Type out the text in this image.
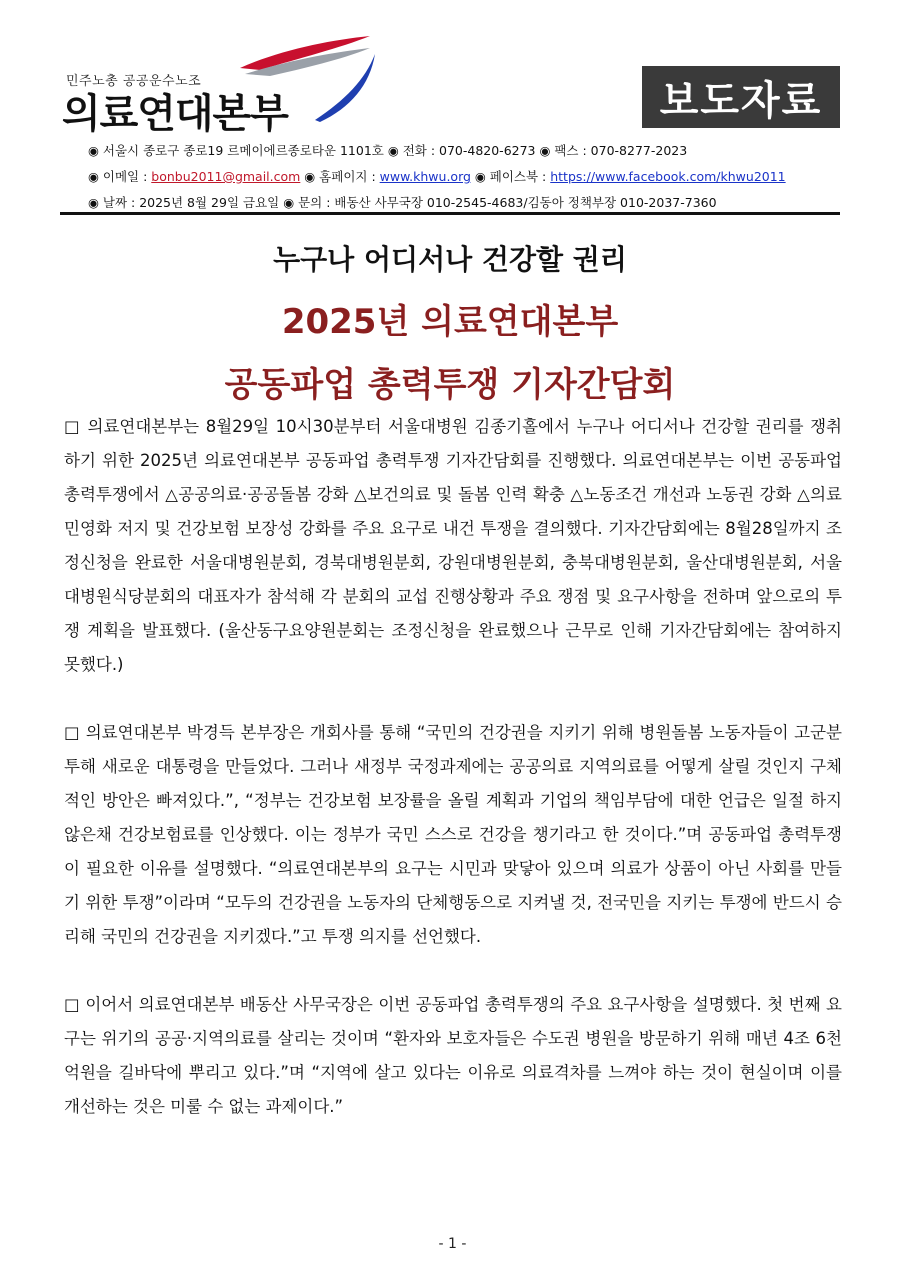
민주노총 공공운수노조
의료연대본부	보도자료
◉ 서울시 종로구 종로19 르메이에르종로타운 1101호 ◉ 전화 : 070-4820-6273 ◉ 팩스 : 070-8277-2023
◉ 이메일 : bonbu2011@gmail.com ◉ 홈페이지 : www.khwu.org ◉ 페이스북 : https://www.facebook.com/khwu2011
◉ 날짜 : 2025년 8월 29일 금요일 ◉ 문의 : 배동산 사무국장 010-2545-4683/김동아 정책부장 010-2037-7360
누구나 어디서나 건강할 권리
2025년 의료연대본부
공동파업 총력투쟁 기자간담회

□ 의료연대본부는 8월29일 10시30분부터 서울대병원 김종기홀에서 누구나 어디서나 건강할 권리를 쟁취하기 위한 2025년 의료연대본부 공동파업 총력투쟁 기자간담회를 진행했다. 의료연대본부는 이번 공동파업 총력투쟁에서 △공공의료·공공돌봄 강화 △보건의료 및 돌봄 인력 확충 △노동조건 개선과 노동권 강화 △의료민영화 저지 및 건강보험 보장성 강화를 주요 요구로 내건 투쟁을 결의했다. 기자간담회에는 8월28일까지 조정신청을 완료한 서울대병원분회, 경북대병원분회, 강원대병원분회, 충북대병원분회, 울산대병원분회, 서울대병원식당분회의 대표자가 참석해 각 분회의 교섭 진행상황과 주요 쟁점 및 요구사항을 전하며 앞으로의 투쟁 계획을 발표했다. (울산동구요양원분회는 조정신청을 완료했으나 근무로 인해 기자간담회에는 참여하지 못했다.)

□ 의료연대본부 박경득 본부장은 개회사를 통해 “국민의 건강권을 지키기 위해 병원돌봄 노동자들이 고군분투해 새로운 대통령을 만들었다. 그러나 새정부 국정과제에는 공공의료 지역의료를 어떻게 살릴 것인지 구체적인 방안은 빠져있다.”, “정부는 건강보험 보장률을 올릴 계획과 기업의 책임부담에 대한 언급은 일절 하지 않은채 건강보험료를 인상했다. 이는 정부가 국민 스스로 건강을 챙기라고 한 것이다.”며 공동파업 총력투쟁이 필요한 이유를 설명했다. “의료연대본부의 요구는 시민과 맞닿아 있으며 의료가 상품이 아닌 사회를 만들기 위한 투쟁”이라며 “모두의 건강권을 노동자의 단체행동으로 지켜낼 것, 전국민을 지키는 투쟁에 반드시 승리해 국민의 건강권을 지키겠다.”고 투쟁 의지를 선언했다.

□ 이어서 의료연대본부 배동산 사무국장은 이번 공동파업 총력투쟁의 주요 요구사항을 설명했다. 첫 번째 요구는 위기의 공공·지역의료를 살리는 것이며 “환자와 보호자들은 수도권 병원을 방문하기 위해 매년 4조 6천억원을 길바닥에 뿌리고 있다.”며 “지역에 살고 있다는 이유로 의료격차를 느껴야 하는 것이 현실이며 이를 개선하는 것은 미룰 수 없는 과제이다.”

- 1 -
